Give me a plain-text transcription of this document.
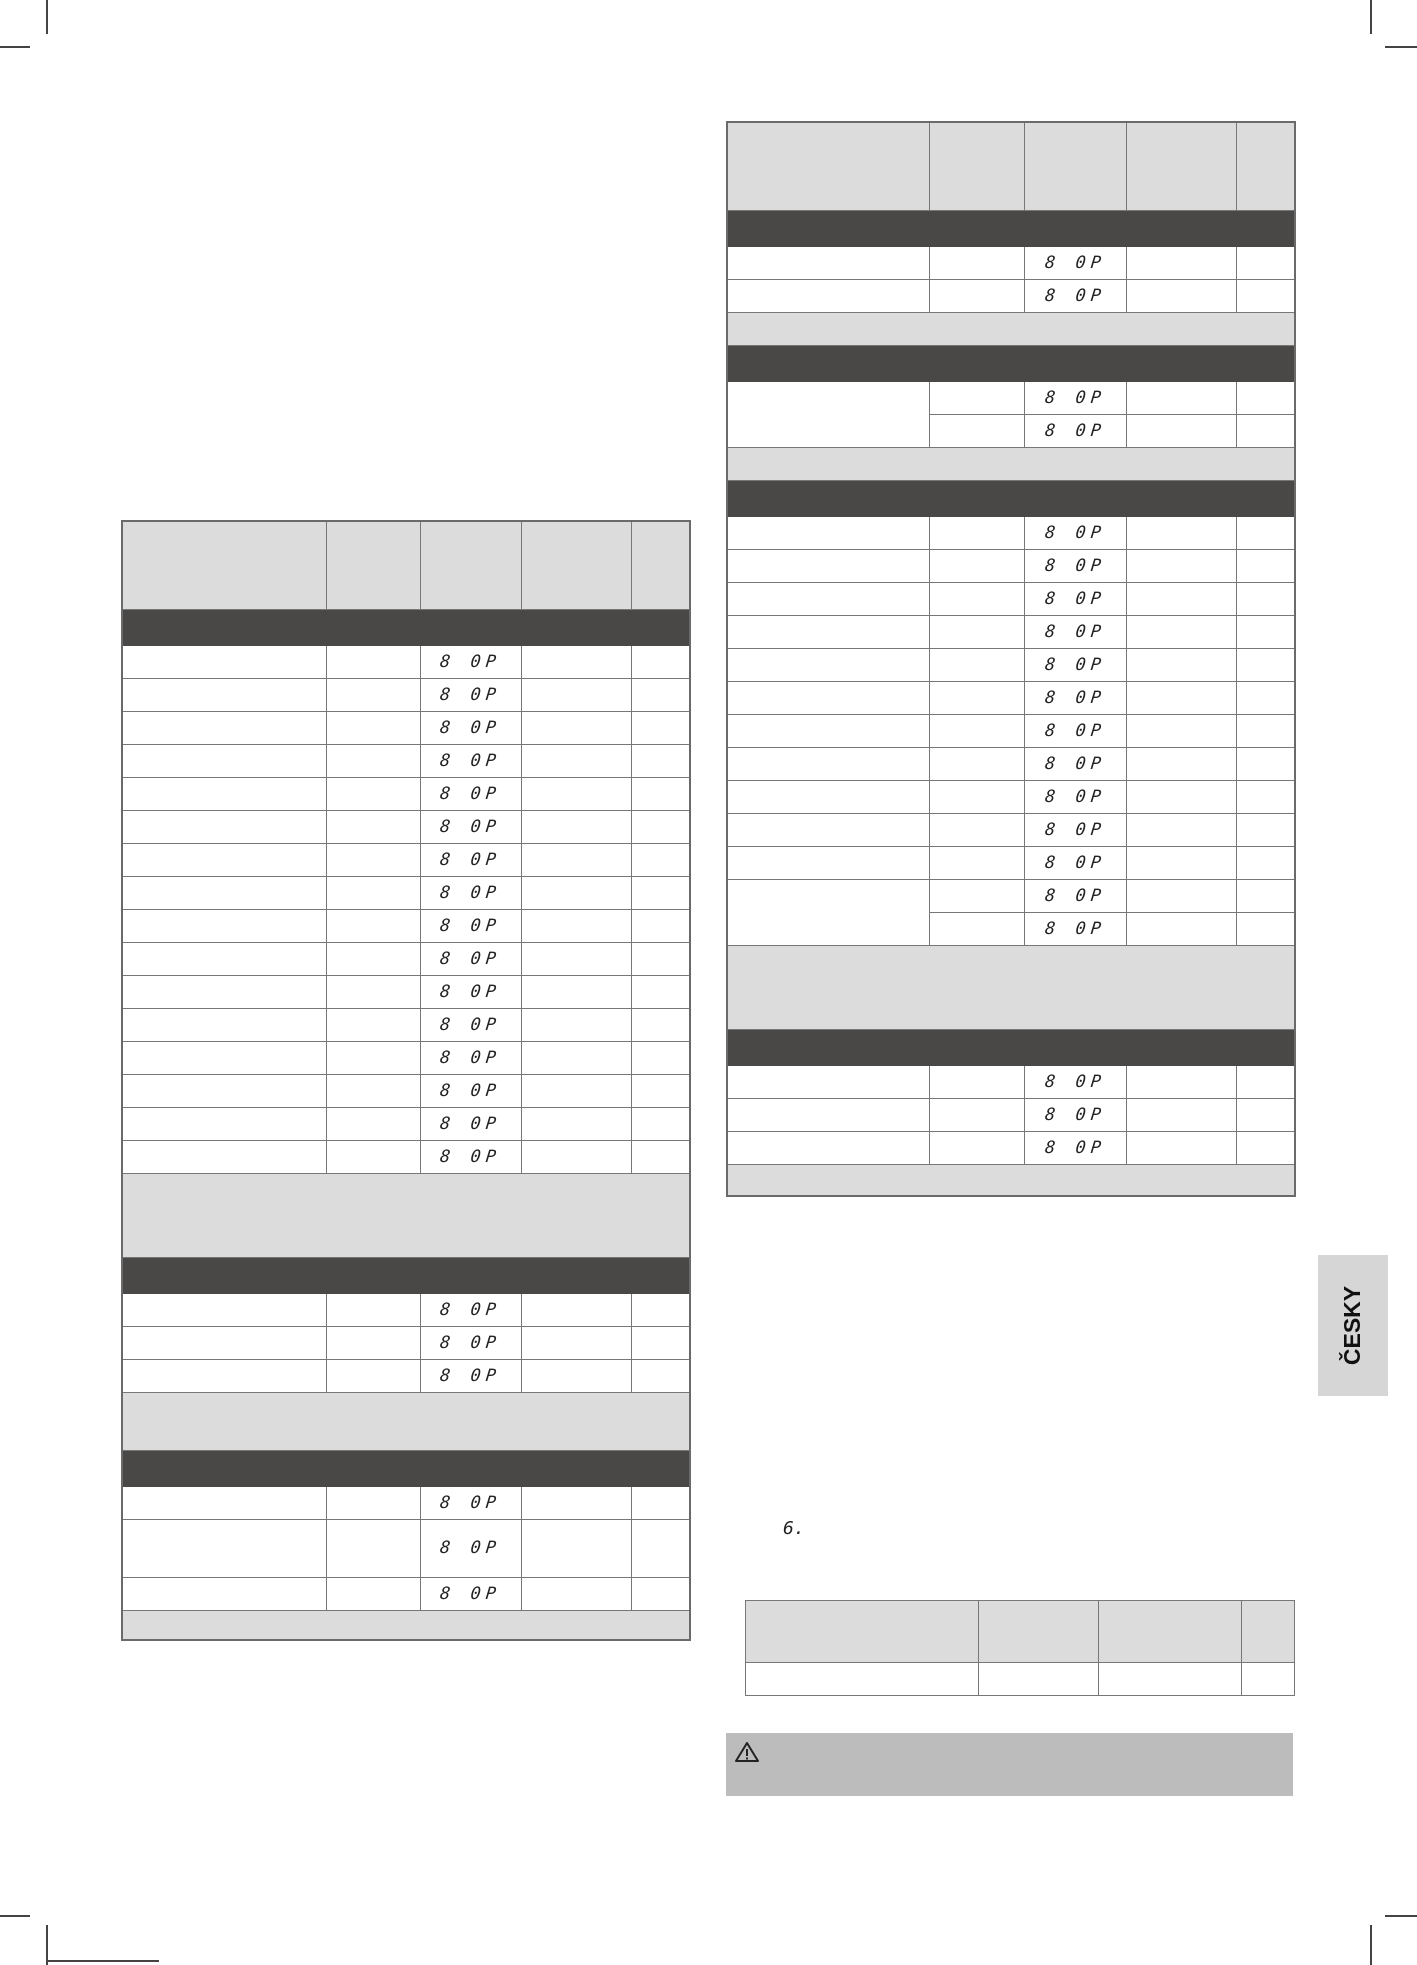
		8 0P		
		8 0P		
		8 0P		
		8 0P		
		8 0P		
		8 0P		
		8 0P		
		8 0P		
		8 0P		
		8 0P		
		8 0P		
		8 0P		
		8 0P		
		8 0P		
		8 0P		
		8 0P		

		8 0P		
		8 0P		
		8 0P		

		8 0P		
		8 0P		
		8 0P		

		8 0P		
		8 0P		

		8 0P		
		8 0P		

		8 0P		
		8 0P		
		8 0P		
		8 0P		
		8 0P		
		8 0P		
		8 0P		
		8 0P		
		8 0P		
		8 0P		
		8 0P		
		8 0P		
		8 0P		

		8 0P		
		8 0P		
		8 0P		

6.

ČESKY
